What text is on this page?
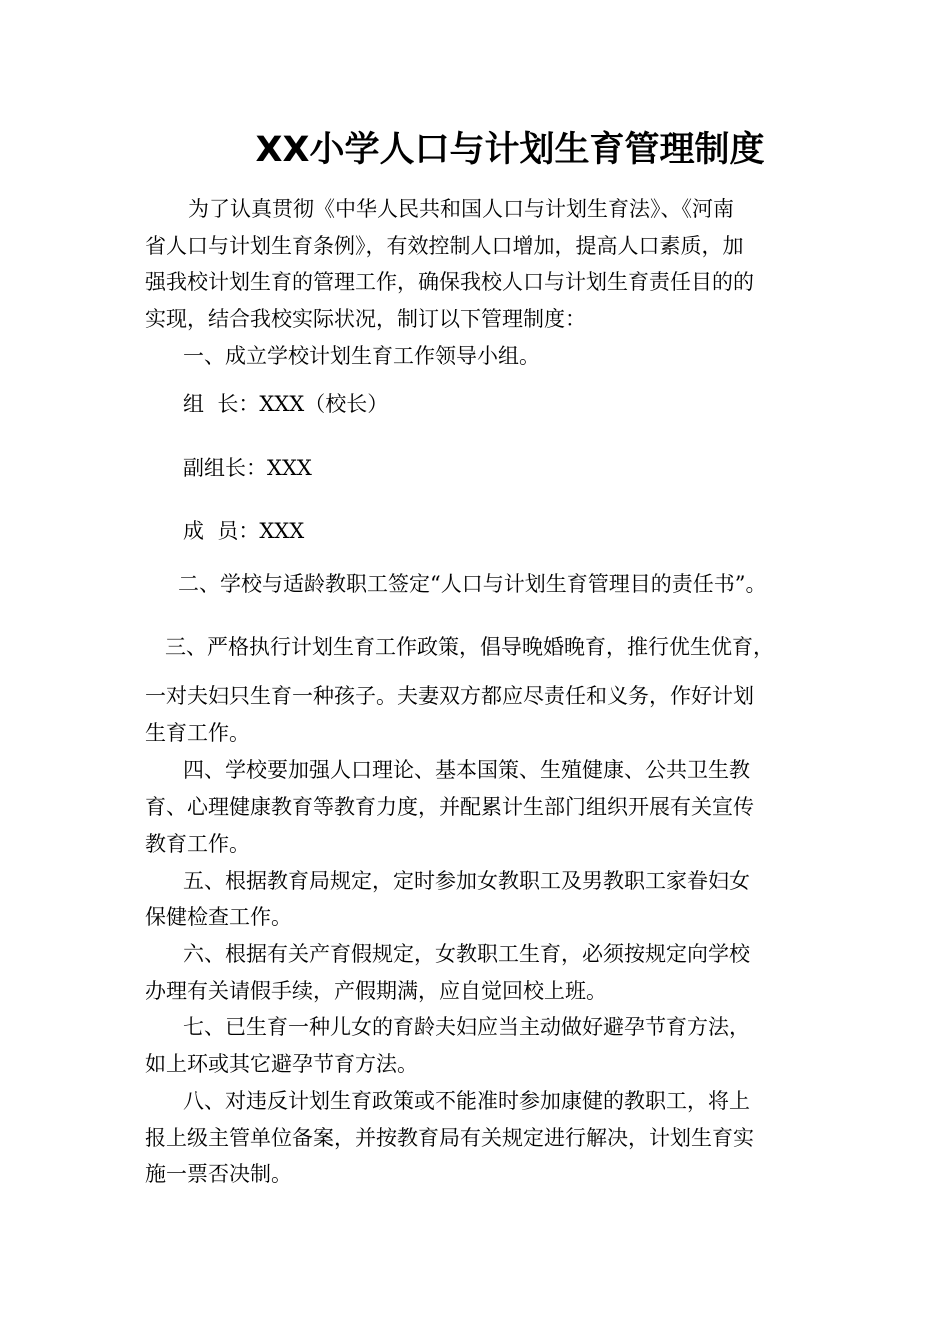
XX小学人口与计划生育管理制度
为了认真贯彻《中华人民共和国人口与计划生育法》、《河南
省人口与计划生育条例》，有效控制人口增加，提高人口素质，加
强我校计划生育的管理工作，确保我校人口与计划生育责任目的的
实现，结合我校实际状况，制订以下管理制度：
一、成立学校计划生育工作领导小组。
组  长：XXX（校长）
副组长：XXX
成  员：XXX
二、学校与适龄教职工签定“人口与计划生育管理目的责任书”。
三、严格执行计划生育工作政策，倡导晚婚晚育，推行优生优育，
一对夫妇只生育一种孩子。夫妻双方都应尽责任和义务，作好计划
生育工作。
四、学校要加强人口理论、基本国策、生殖健康、公共卫生教
育、心理健康教育等教育力度，并配累计生部门组织开展有关宣传
教育工作。
五、根据教育局规定，定时参加女教职工及男教职工家眷妇女
保健检查工作。
六、根据有关产育假规定，女教职工生育，必须按规定向学校
办理有关请假手续，产假期满，应自觉回校上班。
七、已生育一种儿女的育龄夫妇应当主动做好避孕节育方法，
如上环或其它避孕节育方法。
八、对违反计划生育政策或不能准时参加康健的教职工，将上
报上级主管单位备案，并按教育局有关规定进行解决，计划生育实
施一票否决制。
